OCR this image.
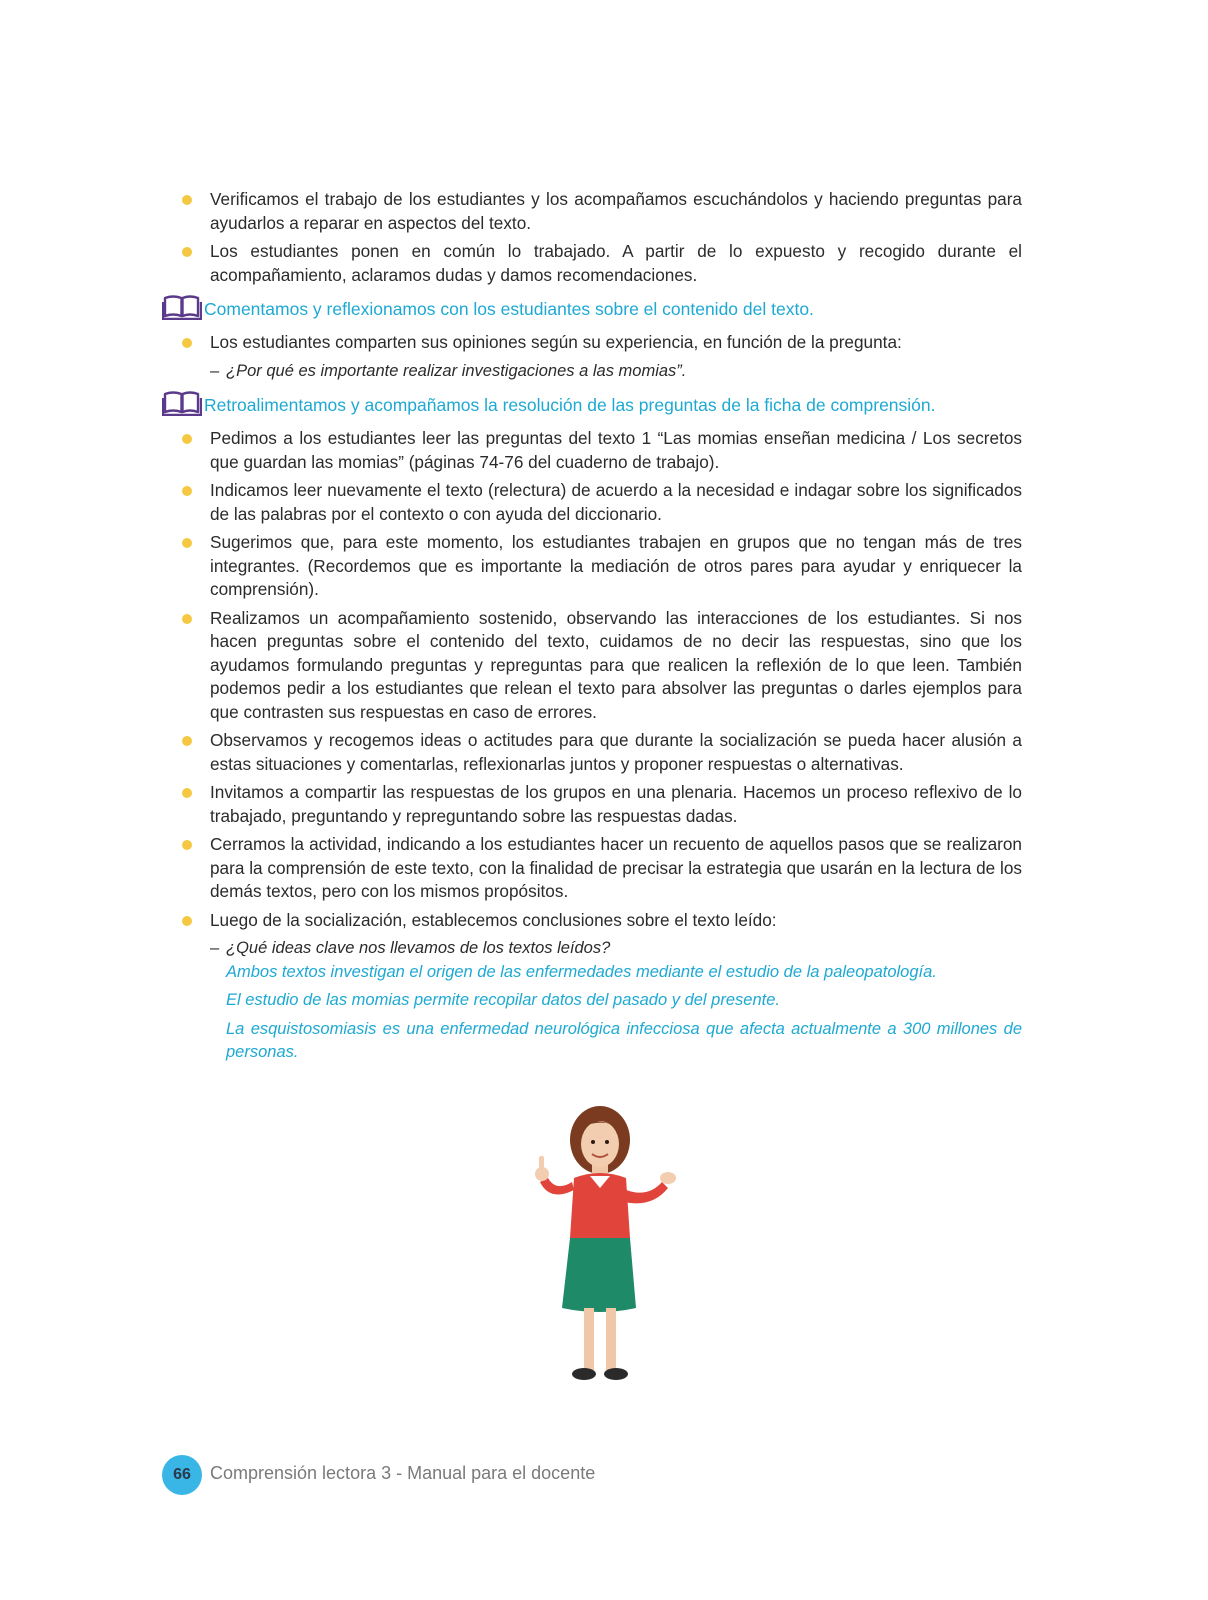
Verificamos el trabajo de los estudiantes y los acompañamos escuchándolos y haciendo preguntas para ayudarlos a reparar en aspectos del texto.
Los estudiantes ponen en común lo trabajado. A partir de lo expuesto y recogido durante el acompañamiento, aclaramos dudas y damos recomendaciones.
Comentamos y reflexionamos con los estudiantes sobre el contenido del texto.
Los estudiantes comparten sus opiniones según su experiencia, en función de la pregunta:
– ¿Por qué es importante realizar investigaciones a las momias”.
Retroalimentamos y acompañamos la resolución de las preguntas de la ficha de comprensión.
Pedimos a los estudiantes leer las preguntas del texto 1 “Las momias enseñan medicina / Los secretos que guardan las momias” (páginas 74-76 del cuaderno de trabajo).
Indicamos leer nuevamente el texto (relectura) de acuerdo a la necesidad e indagar sobre los significados de las palabras por el contexto o con ayuda del diccionario.
Sugerimos que, para este momento, los estudiantes trabajen en grupos que no tengan más de tres integrantes. (Recordemos que es importante la mediación de otros pares para ayudar y enriquecer la comprensión).
Realizamos un acompañamiento sostenido, observando las interacciones de los estudiantes. Si nos hacen preguntas sobre el contenido del texto, cuidamos de no decir las respuestas, sino que los ayudamos formulando preguntas y repreguntas para que realicen la reflexión de lo que leen. También podemos pedir a los estudiantes que relean el texto para absolver las preguntas o darles ejemplos para que contrasten sus respuestas en caso de errores.
Observamos y recogemos ideas o actitudes para que durante la socialización se pueda hacer alusión a estas situaciones y comentarlas, reflexionarlas juntos y proponer respuestas o alternativas.
Invitamos a compartir las respuestas de los grupos en una plenaria. Hacemos un proceso reflexivo de lo trabajado, preguntando y repreguntando sobre las respuestas dadas.
Cerramos la actividad, indicando a los estudiantes hacer un recuento de aquellos pasos que se realizaron para la comprensión de este texto, con la finalidad de precisar la estrategia que usarán en la lectura de los demás textos, pero con los mismos propósitos.
Luego de la socialización, establecemos conclusiones sobre el texto leído:
– ¿Qué ideas clave nos llevamos de los textos leídos?
Ambos textos investigan el origen de las enfermedades mediante el estudio de la paleopatología.
El estudio de las momias permite recopilar datos del pasado y del presente.
La esquistosomiasis es una enfermedad neurológica infecciosa que afecta actualmente a 300 millones de personas.
66	Comprensión lectora 3 - Manual para el docente
